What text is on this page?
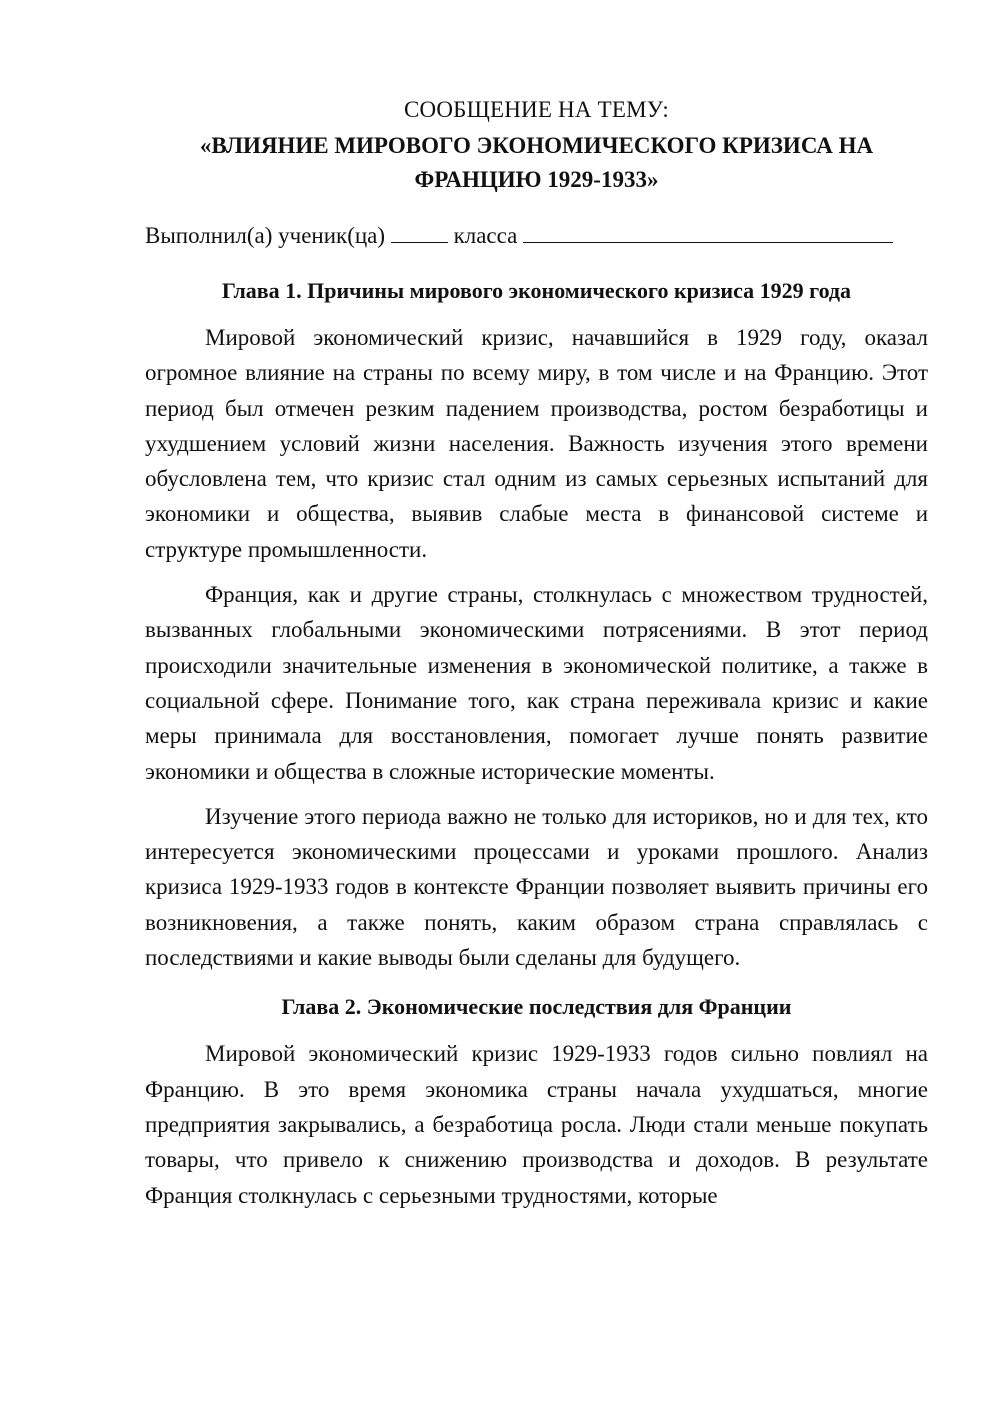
СООБЩЕНИЕ НА ТЕМУ:

«ВЛИЯНИЕ МИРОВОГО ЭКОНОМИЧЕСКОГО КРИЗИСА НА ФРАНЦИЮ 1929-1933»
Выполнил(а) ученик(ца)	класса
Глава 1. Причины мирового экономического кризиса 1929 года

Мировой экономический кризис, начавшийся в 1929 году, оказал огромное влияние на страны по всему миру, в том числе и на Францию. Этот период был отмечен резким падением производства, ростом безработицы и ухудшением условий жизни населения. Важность изучения этого времени обусловлена тем, что кризис стал одним из самых серьезных испытаний для экономики и общества, выявив слабые места в финансовой системе и структуре промышленности.

Франция, как и другие страны, столкнулась с множеством трудностей, вызванных глобальными экономическими потрясениями. В этот период происходили значительные изменения в экономической политике, а также в социальной сфере. Понимание того, как страна переживала кризис и какие меры принимала для восстановления, помогает лучше понять развитие экономики и общества в сложные исторические моменты.

Изучение этого периода важно не только для историков, но и для тех, кто интересуется экономическими процессами и уроками прошлого. Анализ кризиса 1929-1933 годов в контексте Франции позволяет выявить причины его возникновения, а также понять, каким образом страна справлялась с последствиями и какие выводы были сделаны для будущего.

Глава 2. Экономические последствия для Франции

Мировой экономический кризис 1929-1933 годов сильно повлиял на Францию. В это время экономика страны начала ухудшаться, многие предприятия закрывались, а безработица росла. Люди стали меньше покупать товары, что привело к снижению производства и доходов. В результате Франция столкнулась с серьезными трудностями, которые
